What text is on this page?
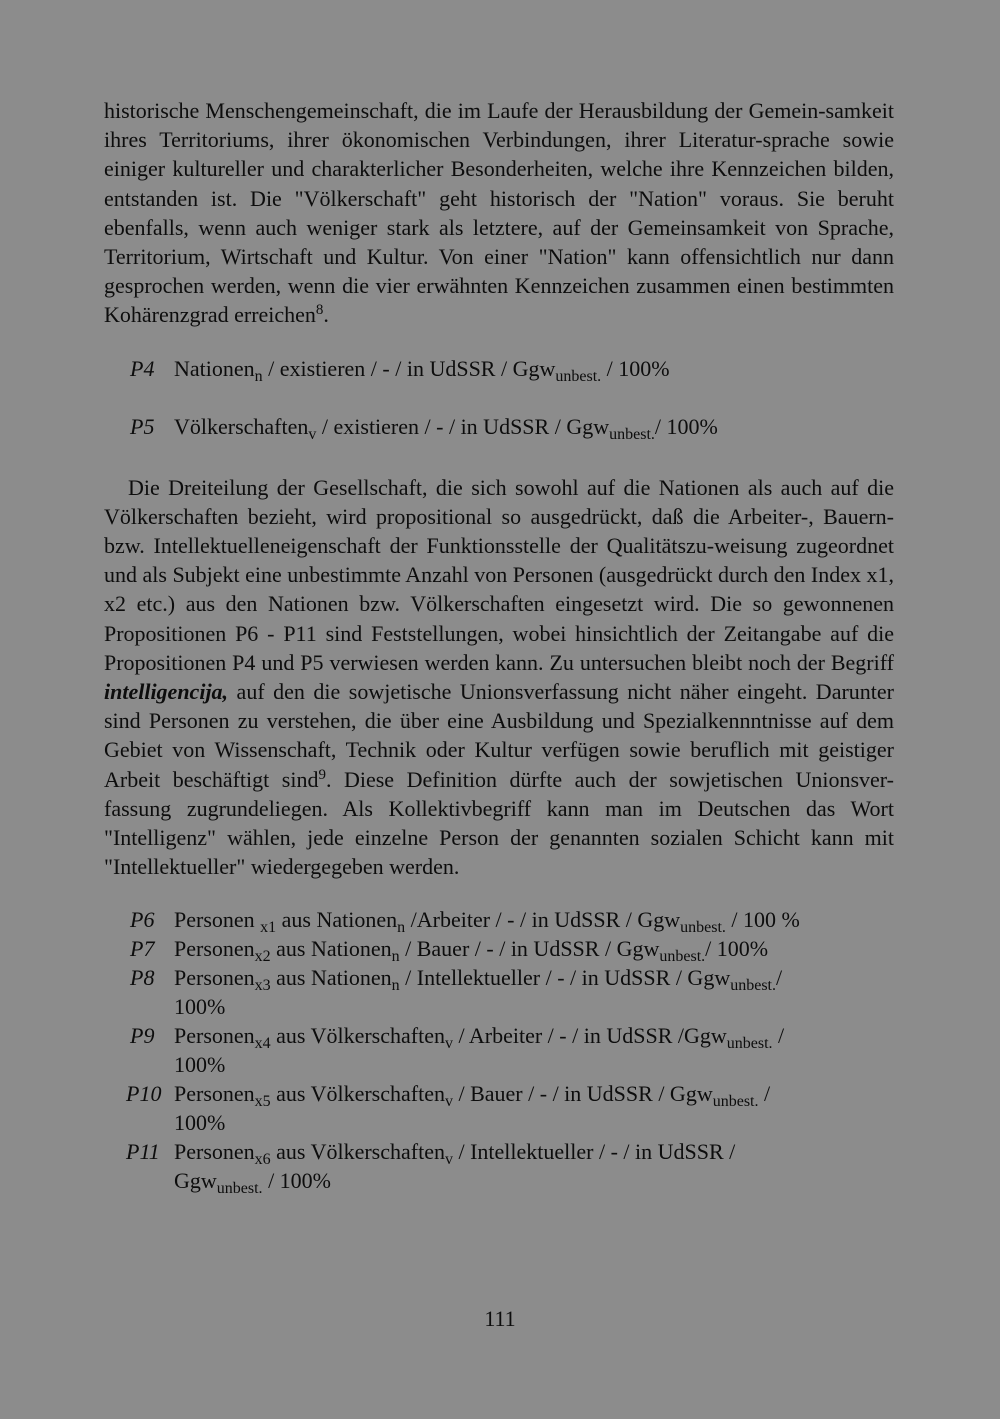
historische Menschengemeinschaft, die im Laufe der Herausbildung der Gemein-samkeit ihres Territoriums, ihrer ökonomischen Verbindungen, ihrer Literatur-sprache sowie einiger kultureller und charakterlicher Besonderheiten, welche ihre Kennzeichen bilden, entstanden ist. Die "Völkerschaft" geht historisch der "Nation" voraus. Sie beruht ebenfalls, wenn auch weniger stark als letztere, auf der Gemeinsamkeit von Sprache, Territorium, Wirtschaft und Kultur. Von einer "Nation" kann offensichtlich nur dann gesprochen werden, wenn die vier erwähnten Kennzeichen zusammen einen bestimmten Kohärenzgrad erreichen$^8$.

P4 Nationen$_n$ / existieren / - / in UdSSR / Ggw$_{unbest.}$ / 100%
P5 Völkerschaften$_v$ / existieren / - / in UdSSR / Ggw$_{unbest.}$/ 100%

Die Dreiteilung der Gesellschaft, die sich sowohl auf die Nationen als auch auf die Völkerschaften bezieht, wird propositional so ausgedrückt, daß die Arbeiter-, Bauern- bzw. Intellektuelleneigenschaft der Funktionsstelle der Qualitätszu-weisung zugeordnet und als Subjekt eine unbestimmte Anzahl von Personen (ausgedrückt durch den Index x1, x2 etc.) aus den Nationen bzw. Völkerschaften eingesetzt wird. Die so gewonnenen Propositionen P6 - P11 sind Feststellungen, wobei hinsichtlich der Zeitangabe auf die Propositionen P4 und P5 verwiesen werden kann. Zu untersuchen bleibt noch der Begriff intelligencija, auf den die sowjetische Unionsverfassung nicht näher eingeht. Darunter sind Personen zu verstehen, die über eine Ausbildung und Spezialkennntnisse auf dem Gebiet von Wissenschaft, Technik oder Kultur verfügen sowie beruflich mit geistiger Arbeit beschäftigt sind$^9$. Diese Definition dürfte auch der sowjetischen Unionsver-fassung zugrundeliegen. Als Kollektivbegriff kann man im Deutschen das Wort "Intelligenz" wählen, jede einzelne Person der genannten sozialen Schicht kann mit "Intellektueller" wiedergegeben werden.

P6 Personen $_{x1}$ aus Nationen$_n$ /Arbeiter / - / in UdSSR / Ggw$_{unbest.}$ / 100 %
P7 Personen$_{x2}$ aus Nationen$_n$ / Bauer / - / in UdSSR / Ggw$_{unbest.}$/ 100%
P8 Personen$_{x3}$ aus Nationen$_n$ / Intellektueller / - / in UdSSR / Ggw$_{unbest.}$/
100%
P9 Personen$_{x4}$ aus Völkerschaften$_v$ / Arbeiter / - / in UdSSR /Ggw$_{unbest.}$ /
100%
P10 Personen$_{x5}$ aus Völkerschaften$_v$ / Bauer / - / in UdSSR / Ggw$_{unbest.}$ /
100%
P11 Personen$_{x6}$ aus Völkerschaften$_v$ / Intellektueller / - / in UdSSR /
Ggw$_{unbest.}$ / 100%
111
